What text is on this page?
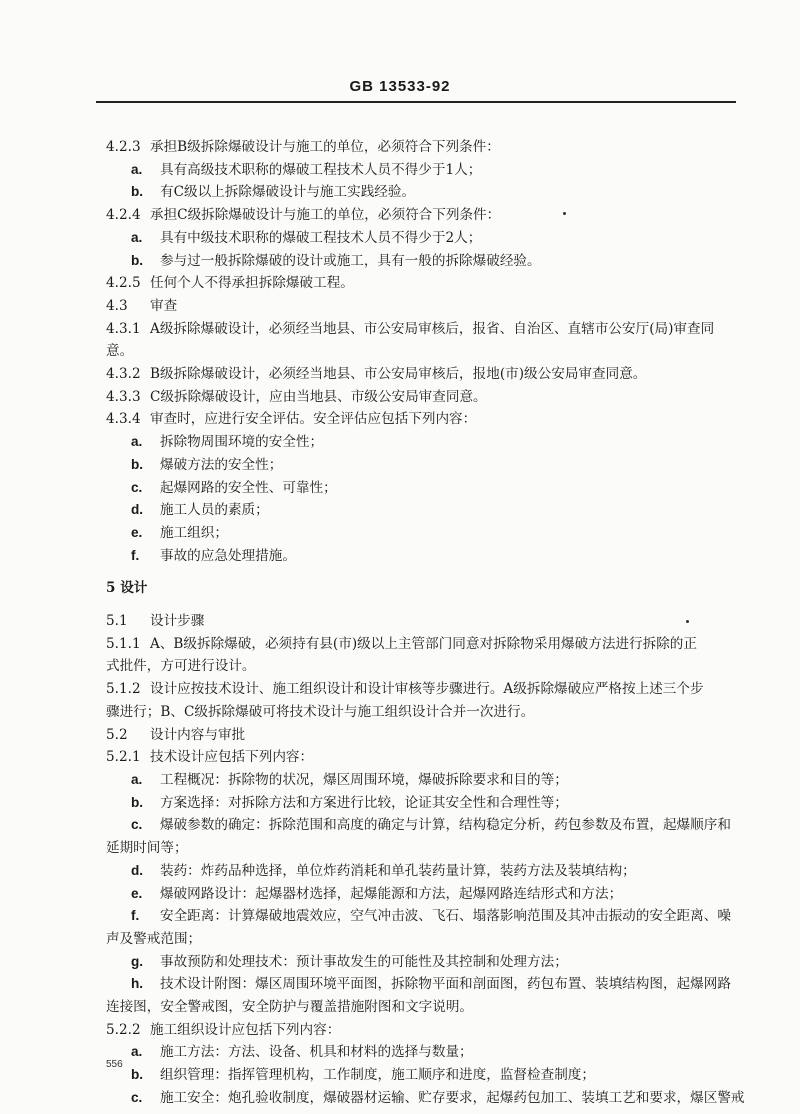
GB 13533-92
4.2.3 承担B级拆除爆破设计与施工的单位，必须符合下列条件：
a.	具有高级技术职称的爆破工程技术人员不得少于1人；
b.	有C级以上拆除爆破设计与施工实践经验。
4.2.4 承担C级拆除爆破设计与施工的单位，必须符合下列条件：
a.	具有中级技术职称的爆破工程技术人员不得少于2人；
b.	参与过一般拆除爆破的设计或施工，具有一般的拆除爆破经验。
4.2.5 任何个人不得承担拆除爆破工程。
4.3	审查
4.3.1 A级拆除爆破设计，必须经当地县、市公安局审核后，报省、自治区、直辖市公安厅(局)审查同
意。
4.3.2 B级拆除爆破设计，必须经当地县、市公安局审核后，报地(市)级公安局审查同意。
4.3.3 C级拆除爆破设计，应由当地县、市级公安局审查同意。
4.3.4 审查时，应进行安全评估。安全评估应包括下列内容：
a.	拆除物周围环境的安全性；
b.	爆破方法的安全性；
c.	起爆网路的安全性、可靠性；
d.	施工人员的素质；
e.	施工组织；
f.	事故的应急处理措施。
5 设计
5.1	设计步骤
5.1.1 A、B级拆除爆破，必须持有县(市)级以上主管部门同意对拆除物采用爆破方法进行拆除的正
式批件，方可进行设计。
5.1.2 设计应按技术设计、施工组织设计和设计审核等步骤进行。A级拆除爆破应严格按上述三个步
骤进行；B、C级拆除爆破可将技术设计与施工组织设计合并一次进行。
5.2	设计内容与审批
5.2.1 技术设计应包括下列内容：
a.	工程概况：拆除物的状况，爆区周围环境，爆破拆除要求和目的等；
b.	方案选择：对拆除方法和方案进行比较，论证其安全性和合理性等；
c.	爆破参数的确定：拆除范围和高度的确定与计算，结构稳定分析，药包参数及布置，起爆顺序和
延期时间等；
d.	装药：炸药品种选择，单位炸药消耗和单孔装药量计算，装药方法及装填结构；
e.	爆破网路设计：起爆器材选择，起爆能源和方法，起爆网路连结形式和方法；
f.	安全距离：计算爆破地震效应，空气冲击波、飞石、塌落影响范围及其冲击振动的安全距离、噪
声及警戒范围；
g.	事故预防和处理技术：预计事故发生的可能性及其控制和处理方法；
h.	技术设计附图：爆区周围环境平面图，拆除物平面和剖面图，药包布置、装填结构图，起爆网路
连接图，安全警戒图，安全防护与覆盖措施附图和文字说明。
5.2.2 施工组织设计应包括下列内容：
a.	施工方法：方法、设备、机具和材料的选择与数量；
b.	组织管理：指挥管理机构，工作制度，施工顺序和进度，监督检查制度；
c.	施工安全：炮孔验收制度，爆破器材运输、贮存要求，起爆药包加工、装填工艺和要求，爆区警戒
556
